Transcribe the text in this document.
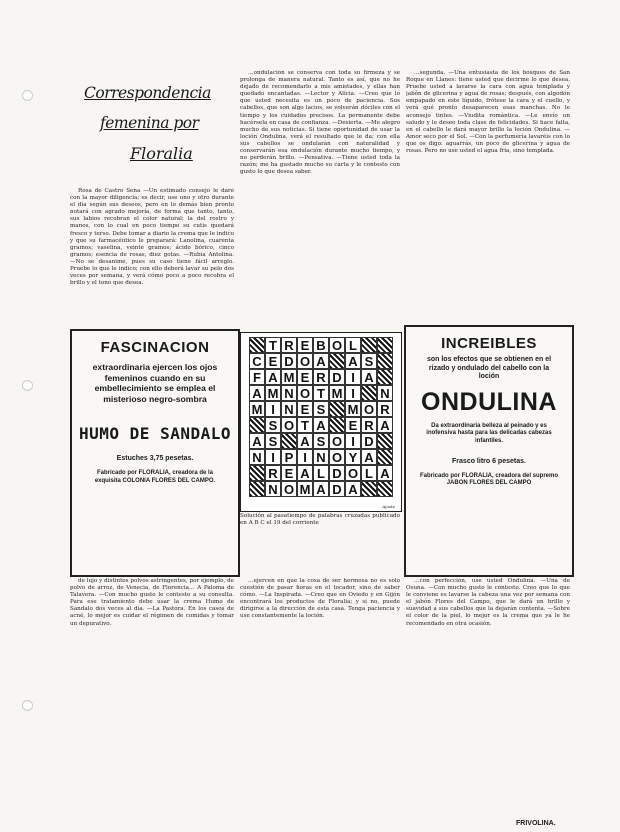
Correspondencia
femenina por
Floralia

Rosa de Castro Sena —Un estimado consejo le daré con la mayor diligencia; es decir, use uno y otro durante el día según sus deseos, pero en lo demás bien pronto notará con agrado mejoría, de forma que tanto, tanto, sus labios recobran el color natural; la del rostro y manos, con lo cual en poco tiempo su cutis quedará fresco y terso. Debe tomar a diario la crema que le indico y que su farmacéutico le preparará: Lanolina, cuarenta gramos; vaselina, veinte gramos; ácido bórico, cinco gramos; esencia de rosas, diez gotas. —Rubia Antolina. —No se desanime, pues su caso tiene fácil arreglo. Pruebe lo que le indico; con ello deberá lavar su pelo dos veces por semana, y verá cómo poco a poco recobra el brillo y el tono que desea.

…ondulación se conserva con toda su firmeza y se prolonga de manera natural. Tanto es así, que no he dejado de recomendarlo a mis amistades, y ellas han quedado encantadas. —Lector y Alicia. —Creo que lo que usted necesita es un poco de paciencia. Sus cabellos, que son algo lacios, se volverán dóciles con el tiempo y los cuidados precisos. La permanente debe hacérsela en casa de confianza. —Desierta. —Me alegro mucho de sus noticias. Si tiene oportunidad de usar la loción Ondulina, verá el resultado que le da; con ella sus cabellos se ondularán con naturalidad y conservarán esa ondulación durante mucho tiempo, y no perderán brillo. —Pensativa. —Tiene usted toda la razón; me ha gustado mucho su carta y le contesto con gusto lo que desea saber.

…segunda. —Una entusiasta de los bosques de San Roque en Llanes: tiene usted que decirme lo que desea. Pruebe usted a lavarse la cara con agua templada y jabón de glicerina y agua de rosas; después, con algodón empapado en este líquido, frótese la cara y el cuello, y verá qué pronto desaparecen esas manchas. No le aconsejo tintes. —Viudita romántica. —Le envío un saludo y le deseo toda clase de felicidades. Si hace falta, en el cabello le dará mayor brillo la loción Ondulina. —Amor seco por el Sol. —Con la perfumería lavaréis con lo que os digo: aguarrás, un poco de glicerina y agua de rosas. Pero no use usted el agua fría, sino templada.

FASCINACION
extraordinaria ejercen los ojos femeninos cuando en su embellecimiento se emplea el misterioso negro-sombra
HUMO DE SANDALO
Estuches 3,75 pesetas.
Fabricado por FLORALIA, creadora de la exquisita COLONIA FLORES DEL CAMPO.
T R E B O L
C E D O A A S
F A M E R D I A
A M N O T M I	N
M I N E S M O R
S O T A E R A
A S A S O I D
N I P I N O Y A
R E A L D O L A
N O M A D A
Ajuste
Solución al pasatiempo de palabras cruzadas publicado en A B C el 19 del corriente
INCREIBLES
son los efectos que se obtienen en el rizado y ondulado del cabello con la loción
ONDULINA
Da extraordinaria belleza al peinado y es inofensiva hasta para las delicadas cabezas infantiles.
Frasco litro 6 pesetas.
Fabricado por FLORALIA, creadora del supremo JABON FLORES DEL CAMPO

de lujo y distintos polvos astringentes, por ejemplo, de polvo de arroz, de Venecia, de Florencia… A Paloma de Talavera. —Con mucho gusto le contesto a su consulta. Para ese tratamiento debe usar la crema Humo de Sandalo dos veces al día. —La Pastora. En los casos de acné, lo mejor es cuidar el régimen de comidas y tomar un depurativo.

…ejercen en que la cosa de ser hermosa no es solo cuestión de pasar horas en el tocador, sino de saber cómo. —La Inspirada. —Creo que en Oviedo y en Gijón encontrará los productos de Floralia; y si no, puede dirigirse a la dirección de esta casa. Tenga paciencia y use constantemente la loción.

…con perfección, use usted Ondulina. —Una de Osuna. —Con mucho gusto le contesto. Creo que lo que le conviene es lavarse la cabeza una vez por semana con el jabón Flores del Campo, que le dará un brillo y suavidad a sus cabellos que la dejarán contenta. —Sobre el color de la piel, lo mejor es la crema que ya le he recomendado en otra ocasión.

FRIVOLINA.
